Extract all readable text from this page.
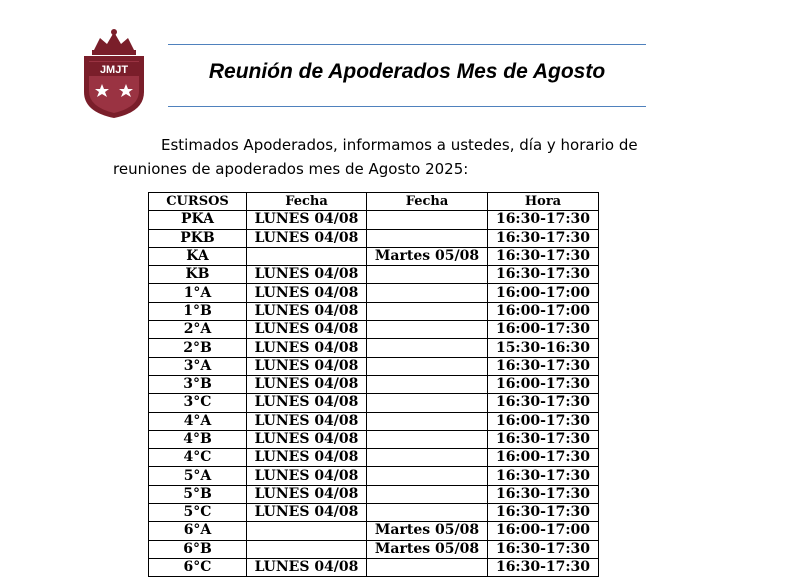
JMJT	Reunión de Apoderados Mes de Agosto
Estimados Apoderados, informamos a ustedes, día y horario de
reuniones de apoderados mes de Agosto 2025:
CURSOS	Fecha	Fecha	Hora
PKA	LUNES 04/08		16:30-17:30
PKB	LUNES 04/08		16:30-17:30
KA		Martes 05/08	16:30-17:30
KB	LUNES 04/08		16:30-17:30
1°A	LUNES 04/08		16:00-17:00
1°B	LUNES 04/08		16:00-17:00
2°A	LUNES 04/08		16:00-17:30
2°B	LUNES 04/08		15:30-16:30
3°A	LUNES 04/08		16:30-17:30
3°B	LUNES 04/08		16:00-17:30
3°C	LUNES 04/08		16:30-17:30
4°A	LUNES 04/08		16:00-17:30
4°B	LUNES 04/08		16:30-17:30
4°C	LUNES 04/08		16:00-17:30
5°A	LUNES 04/08		16:30-17:30
5°B	LUNES 04/08		16:30-17:30
5°C	LUNES 04/08		16:30-17:30
6°A		Martes 05/08	16:00-17:00
6°B		Martes 05/08	16:30-17:30
6°C	LUNES 04/08		16:30-17:30
